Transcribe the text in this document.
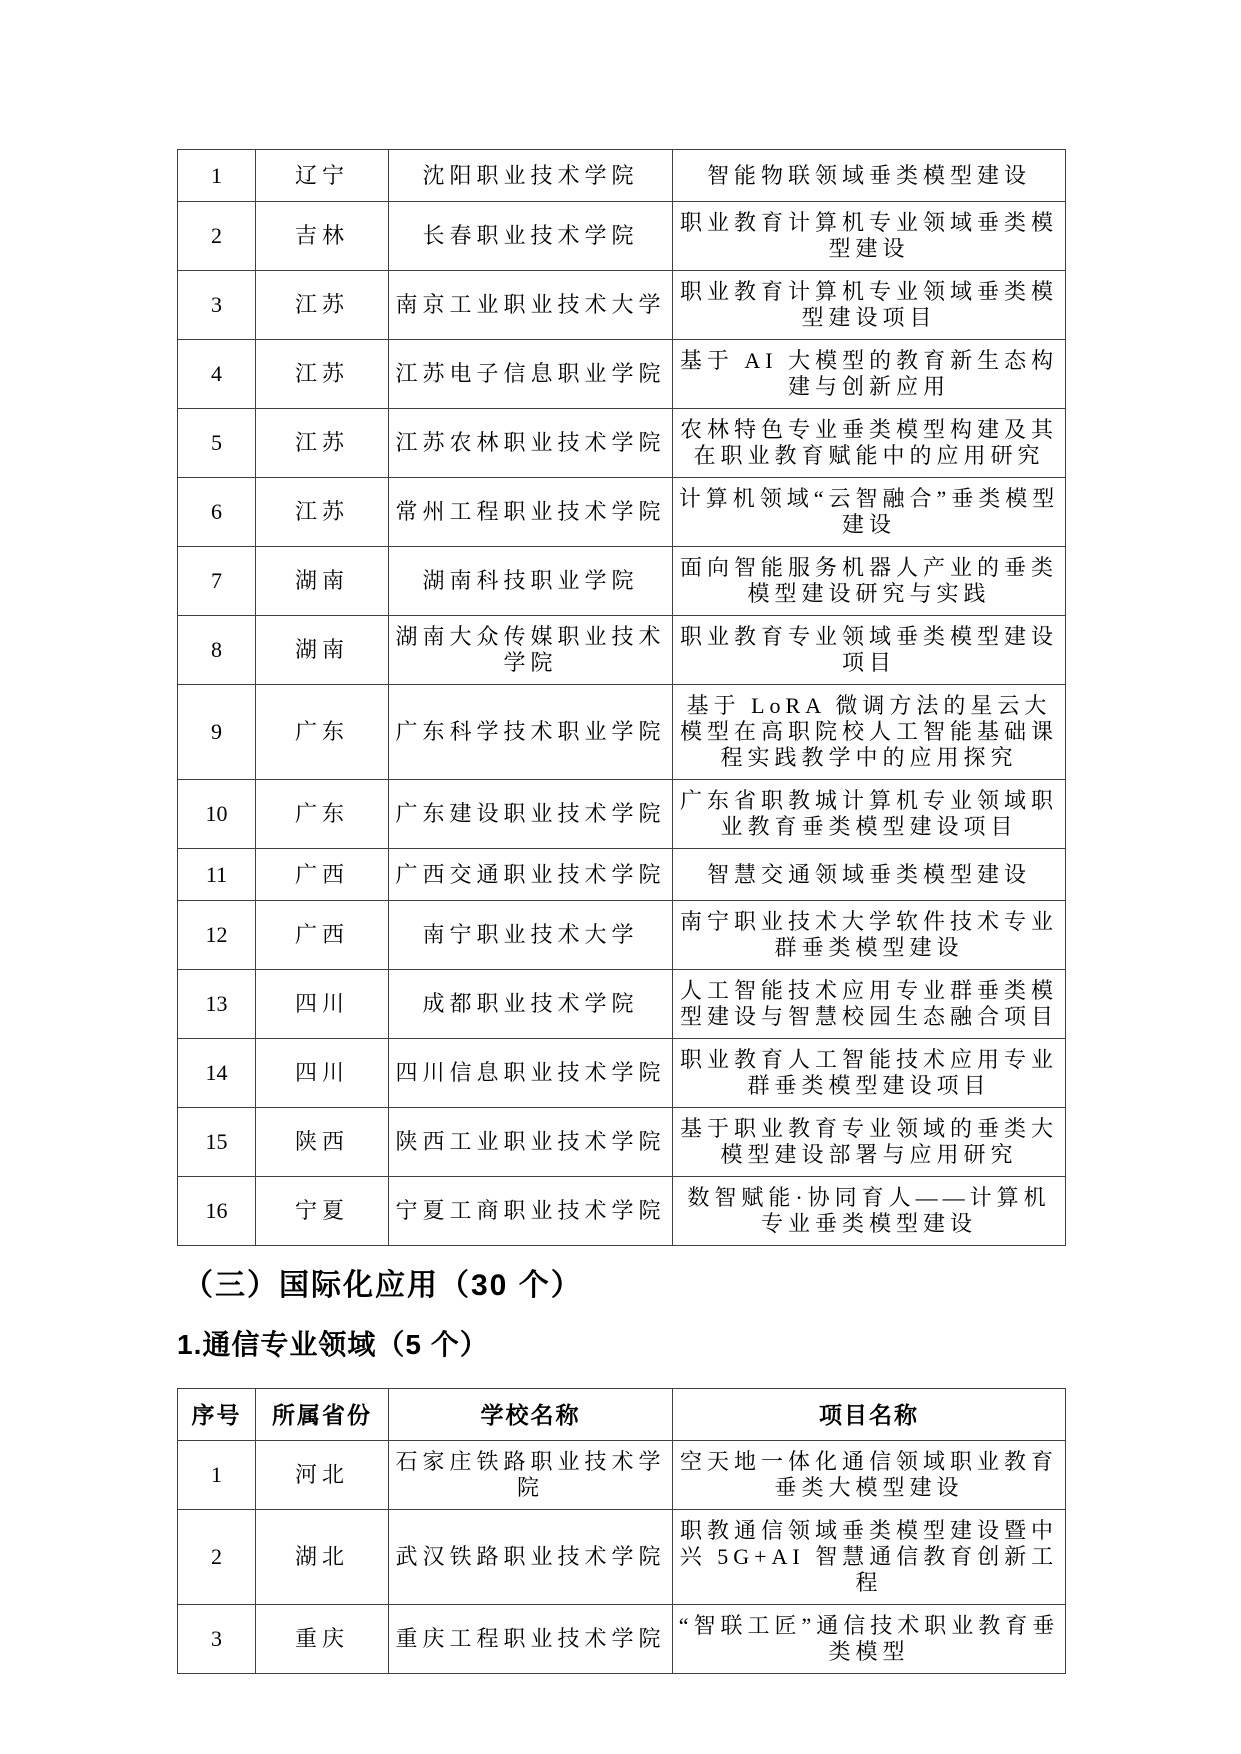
1	辽宁	沈阳职业技术学院	智能物联领域垂类模型建设
2	吉林	长春职业技术学院	职业教育计算机专业领域垂类模型建设
3	江苏	南京工业职业技术大学	职业教育计算机专业领域垂类模型建设项目
4	江苏	江苏电子信息职业学院	基于 AI 大模型的教育新生态构建与创新应用
5	江苏	江苏农林职业技术学院	农林特色专业垂类模型构建及其在职业教育赋能中的应用研究
6	江苏	常州工程职业技术学院	计算机领域“云智融合”垂类模型建设
7	湖南	湖南科技职业学院	面向智能服务机器人产业的垂类模型建设研究与实践
8	湖南	湖南大众传媒职业技术学院	职业教育专业领域垂类模型建设项目
9	广东	广东科学技术职业学院	基于 LoRA 微调方法的星云大模型在高职院校人工智能基础课程实践教学中的应用探究
10	广东	广东建设职业技术学院	广东省职教城计算机专业领域职业教育垂类模型建设项目
11	广西	广西交通职业技术学院	智慧交通领域垂类模型建设
12	广西	南宁职业技术大学	南宁职业技术大学软件技术专业群垂类模型建设
13	四川	成都职业技术学院	人工智能技术应用专业群垂类模型建设与智慧校园生态融合项目
14	四川	四川信息职业技术学院	职业教育人工智能技术应用专业群垂类模型建设项目
15	陕西	陕西工业职业技术学院	基于职业教育专业领域的垂类大模型建设部署与应用研究
16	宁夏	宁夏工商职业技术学院	数智赋能·协同育人——计算机专业垂类模型建设
（三）国际化应用（30 个）
1.通信专业领域（5 个）
序号	所属省份	学校名称	项目名称
1	河北	石家庄铁路职业技术学院	空天地一体化通信领域职业教育垂类大模型建设
2	湖北	武汉铁路职业技术学院	职教通信领域垂类模型建设暨中兴 5G+AI 智慧通信教育创新工程
3	重庆	重庆工程职业技术学院	“智联工匠”通信技术职业教育垂类模型
